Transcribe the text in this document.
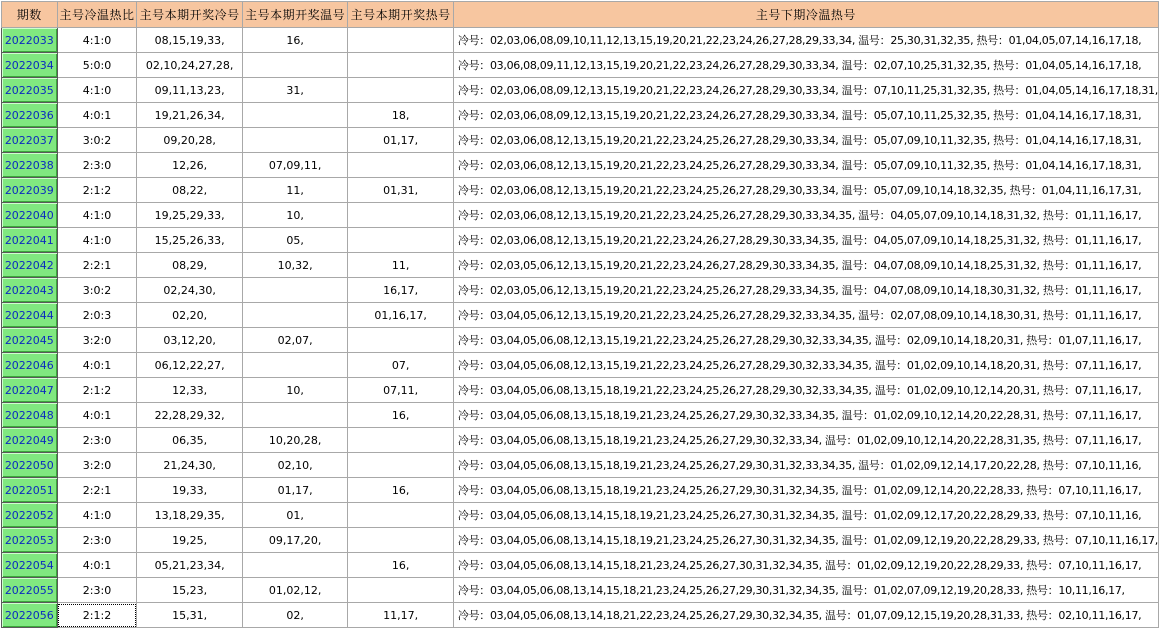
期数	主号冷温热比	主号本期开奖冷号	主号本期开奖温号	主号本期开奖热号	主号下期冷温热号
2022033	4:1:0	08,15,19,33,	16,		冷号：02,03,06,08,09,10,11,12,13,15,19,20,21,22,23,24,26,27,28,29,33,34, 温号：25,30,31,32,35, 热号：01,04,05,07,14,16,17,18,
2022034	5:0:0	02,10,24,27,28,			冷号：03,06,08,09,11,12,13,15,19,20,21,22,23,24,26,27,28,29,30,33,34, 温号：02,07,10,25,31,32,35, 热号：01,04,05,14,16,17,18,
2022035	4:1:0	09,11,13,23,	31,		冷号：02,03,06,08,09,12,13,15,19,20,21,22,23,24,26,27,28,29,30,33,34, 温号：07,10,11,25,31,32,35, 热号：01,04,05,14,16,17,18,31,
2022036	4:0:1	19,21,26,34,		18,	冷号：02,03,06,08,09,12,13,15,19,20,21,22,23,24,26,27,28,29,30,33,34, 温号：05,07,10,11,25,32,35, 热号：01,04,14,16,17,18,31,
2022037	3:0:2	09,20,28,		01,17,	冷号：02,03,06,08,12,13,15,19,20,21,22,23,24,25,26,27,28,29,30,33,34, 温号：05,07,09,10,11,32,35, 热号：01,04,14,16,17,18,31,
2022038	2:3:0	12,26,	07,09,11,		冷号：02,03,06,08,12,13,15,19,20,21,22,23,24,25,26,27,28,29,30,33,34, 温号：05,07,09,10,11,32,35, 热号：01,04,14,16,17,18,31,
2022039	2:1:2	08,22,	11,	01,31,	冷号：02,03,06,08,12,13,15,19,20,21,22,23,24,25,26,27,28,29,30,33,34, 温号：05,07,09,10,14,18,32,35, 热号：01,04,11,16,17,31,
2022040	4:1:0	19,25,29,33,	10,		冷号：02,03,06,08,12,13,15,19,20,21,22,23,24,25,26,27,28,29,30,33,34,35, 温号：04,05,07,09,10,14,18,31,32, 热号：01,11,16,17,
2022041	4:1:0	15,25,26,33,	05,		冷号：02,03,06,08,12,13,15,19,20,21,22,23,24,26,27,28,29,30,33,34,35, 温号：04,05,07,09,10,14,18,25,31,32, 热号：01,11,16,17,
2022042	2:2:1	08,29,	10,32,	11,	冷号：02,03,05,06,12,13,15,19,20,21,22,23,24,26,27,28,29,30,33,34,35, 温号：04,07,08,09,10,14,18,25,31,32, 热号：01,11,16,17,
2022043	3:0:2	02,24,30,		16,17,	冷号：02,03,05,06,12,13,15,19,20,21,22,23,24,25,26,27,28,29,33,34,35, 温号：04,07,08,09,10,14,18,30,31,32, 热号：01,11,16,17,
2022044	2:0:3	02,20,		01,16,17,	冷号：03,04,05,06,12,13,15,19,20,21,22,23,24,25,26,27,28,29,32,33,34,35, 温号：02,07,08,09,10,14,18,30,31, 热号：01,11,16,17,
2022045	3:2:0	03,12,20,	02,07,		冷号：03,04,05,06,08,12,13,15,19,21,22,23,24,25,26,27,28,29,30,32,33,34,35, 温号：02,09,10,14,18,20,31, 热号：01,07,11,16,17,
2022046	4:0:1	06,12,22,27,		07,	冷号：03,04,05,06,08,12,13,15,19,21,22,23,24,25,26,27,28,29,30,32,33,34,35, 温号：01,02,09,10,14,18,20,31, 热号：07,11,16,17,
2022047	2:1:2	12,33,	10,	07,11,	冷号：03,04,05,06,08,13,15,18,19,21,22,23,24,25,26,27,28,29,30,32,33,34,35, 温号：01,02,09,10,12,14,20,31, 热号：07,11,16,17,
2022048	4:0:1	22,28,29,32,		16,	冷号：03,04,05,06,08,13,15,18,19,21,23,24,25,26,27,29,30,32,33,34,35, 温号：01,02,09,10,12,14,20,22,28,31, 热号：07,11,16,17,
2022049	2:3:0	06,35,	10,20,28,		冷号：03,04,05,06,08,13,15,18,19,21,23,24,25,26,27,29,30,32,33,34, 温号：01,02,09,10,12,14,20,22,28,31,35, 热号：07,11,16,17,
2022050	3:2:0	21,24,30,	02,10,		冷号：03,04,05,06,08,13,15,18,19,21,23,24,25,26,27,29,30,31,32,33,34,35, 温号：01,02,09,12,14,17,20,22,28, 热号：07,10,11,16,
2022051	2:2:1	19,33,	01,17,	16,	冷号：03,04,05,06,08,13,15,18,19,21,23,24,25,26,27,29,30,31,32,34,35, 温号：01,02,09,12,14,20,22,28,33, 热号：07,10,11,16,17,
2022052	4:1:0	13,18,29,35,	01,		冷号：03,04,05,06,08,13,14,15,18,19,21,23,24,25,26,27,30,31,32,34,35, 温号：01,02,09,12,17,20,22,28,29,33, 热号：07,10,11,16,
2022053	2:3:0	19,25,	09,17,20,		冷号：03,04,05,06,08,13,14,15,18,19,21,23,24,25,26,27,30,31,32,34,35, 温号：01,02,09,12,19,20,22,28,29,33, 热号：07,10,11,16,17,
2022054	4:0:1	05,21,23,34,		16,	冷号：03,04,05,06,08,13,14,15,18,21,23,24,25,26,27,30,31,32,34,35, 温号：01,02,09,12,19,20,22,28,29,33, 热号：07,10,11,16,17,
2022055	2:3:0	15,23,	01,02,12,		冷号：03,04,05,06,08,13,14,15,18,21,23,24,25,26,27,29,30,31,32,34,35, 温号：01,02,07,09,12,19,20,28,33, 热号：10,11,16,17,
2022056	2:1:2	15,31,	02,	11,17,	冷号：03,04,05,06,08,13,14,18,21,22,23,24,25,26,27,29,30,32,34,35, 温号：01,07,09,12,15,19,20,28,31,33, 热号：02,10,11,16,17,
